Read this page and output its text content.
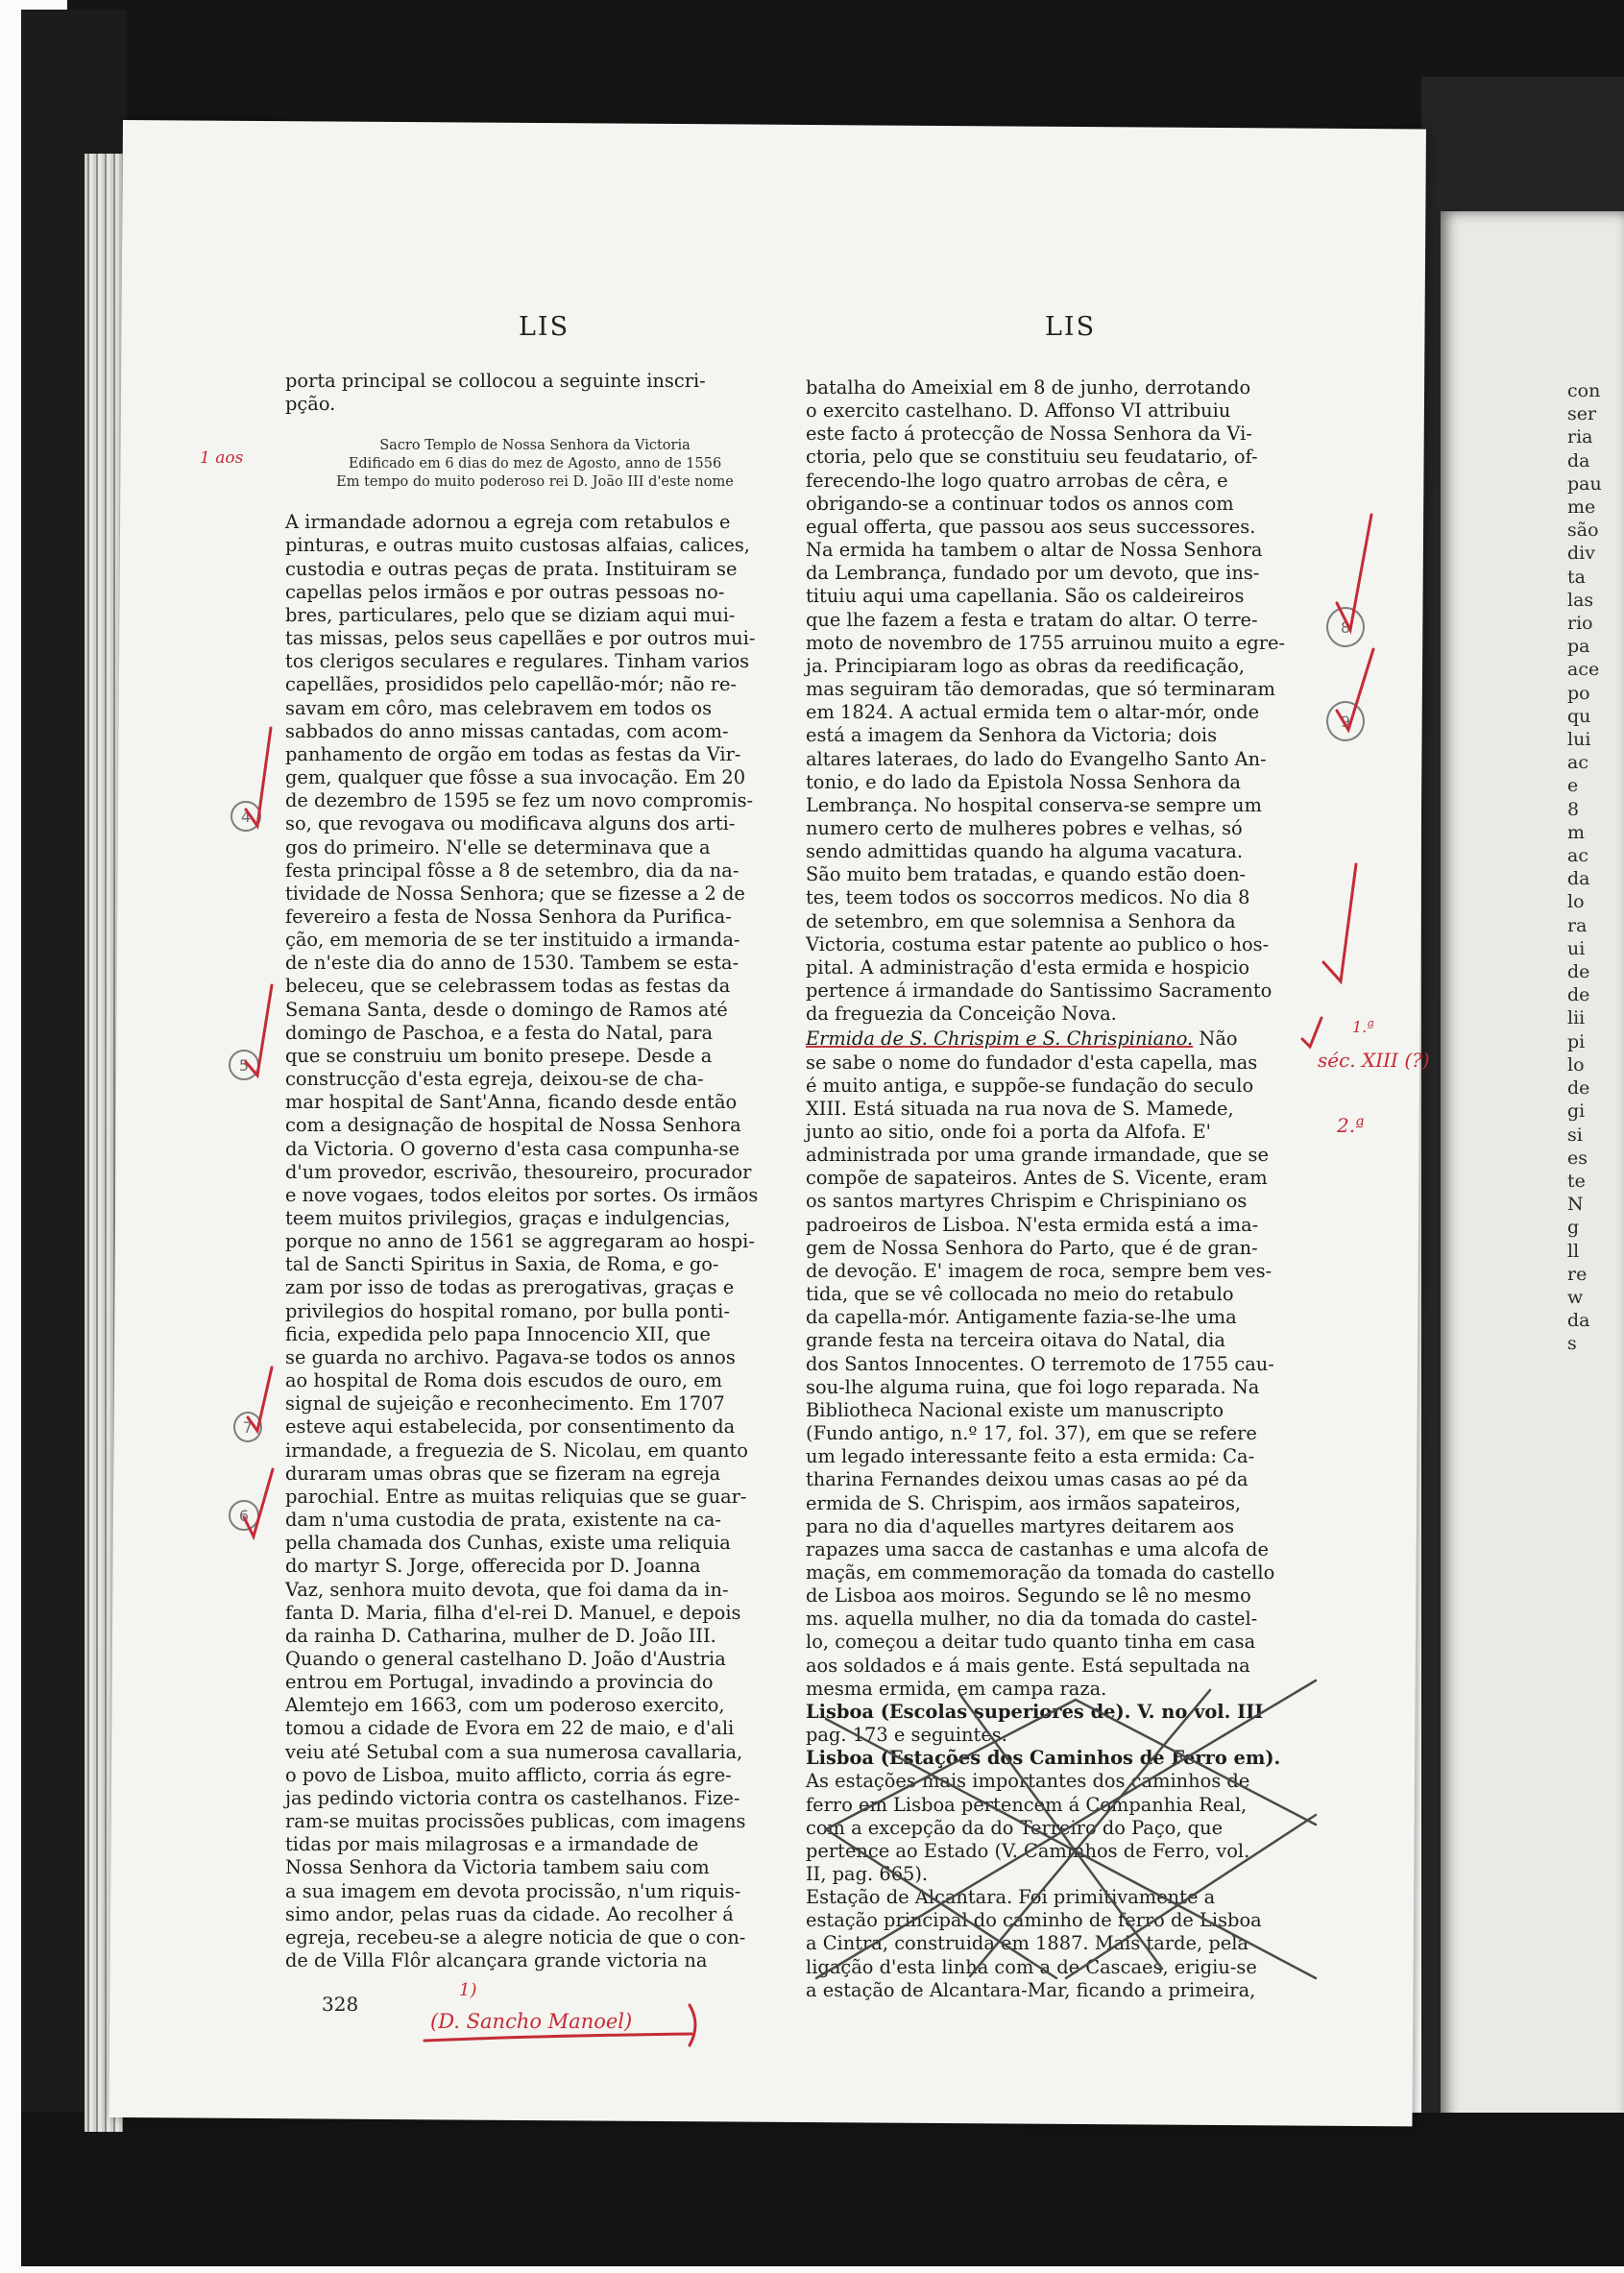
con
ser
ria
da
pau
me
são
div
ta
las
rio
pa
ace
po
qu
lui
ac
e
8
m
ac
da
lo
ra
ui
de
de
lii
pi
lo
de
gi
si
es
te
N
g
ll
re
w
da
s
LIS	LIS
porta principal se collocou a seguinte inscri-
pção.

Sacro Templo de Nossa Senhora da Victoria
Edificado em 6 dias do mez de Agosto, anno de 1556
Em tempo do muito poderoso rei D. João III d'este nome

A irmandade adornou a egreja com retabulos e
pinturas, e outras muito custosas alfaias, calices,
custodia e outras peças de prata. Instituiram se
capellas pelos irmãos e por outras pessoas no-
bres, particulares, pelo que se diziam aqui mui-
tas missas, pelos seus capellães e por outros mui-
tos clerigos seculares e regulares. Tinham varios
capellães, prosididos pelo capellão-mór; não re-
savam em côro, mas celebravem em todos os
sabbados do anno missas cantadas, com acom-
panhamento de orgão em todas as festas da Vir-
gem, qualquer que fôsse a sua invocação. Em 20
de dezembro de 1595 se fez um novo compromis-
so, que revogava ou modificava alguns dos arti-
gos do primeiro. N'elle se determinava que a
festa principal fôsse a 8 de setembro, dia da na-
tividade de Nossa Senhora; que se fizesse a 2 de
fevereiro a festa de Nossa Senhora da Purifica-
ção, em memoria de se ter instituido a irmanda-
de n'este dia do anno de 1530. Tambem se esta-
beleceu, que se celebrassem todas as festas da
Semana Santa, desde o domingo de Ramos até
domingo de Paschoa, e a festa do Natal, para
que se construiu um bonito presepe. Desde a
construcção d'esta egreja, deixou-se de cha-
mar hospital de Sant'Anna, ficando desde então
com a designação de hospital de Nossa Senhora
da Victoria. O governo d'esta casa compunha-se
d'um provedor, escrivão, thesoureiro, procurador
e nove vogaes, todos eleitos por sortes. Os irmãos
teem muitos privilegios, graças e indulgencias,
porque no anno de 1561 se aggregaram ao hospi-
tal de Sancti Spiritus in Saxia, de Roma, e go-
zam por isso de todas as prerogativas, graças e
privilegios do hospital romano, por bulla ponti-
ficia, expedida pelo papa Innocencio XII, que
se guarda no archivo. Pagava-se todos os annos
ao hospital de Roma dois escudos de ouro, em
signal de sujeição e reconhecimento. Em 1707
esteve aqui estabelecida, por consentimento da
irmandade, a freguezia de S. Nicolau, em quanto
duraram umas obras que se fizeram na egreja
parochial. Entre as muitas reliquias que se guar-
dam n'uma custodia de prata, existente na ca-
pella chamada dos Cunhas, existe uma reliquia
do martyr S. Jorge, offerecida por D. Joanna
Vaz, senhora muito devota, que foi dama da in-
fanta D. Maria, filha d'el-rei D. Manuel, e depois
da rainha D. Catharina, mulher de D. João III.
Quando o general castelhano D. João d'Austria
entrou em Portugal, invadindo a provincia do
Alemtejo em 1663, com um poderoso exercito,
tomou a cidade de Evora em 22 de maio, e d'ali
veiu até Setubal com a sua numerosa cavallaria,
o povo de Lisboa, muito afflicto, corria ás egre-
jas pedindo victoria contra os castelhanos. Fize-
ram-se muitas procissões publicas, com imagens
tidas por mais milagrosas e a irmandade de
Nossa Senhora da Victoria tambem saiu com
a sua imagem em devota procissão, n'um riquis-
simo andor, pelas ruas da cidade. Ao recolher á
egreja, recebeu-se a alegre noticia de que o con-
de de Villa Flôr alcançara grande victoria na
batalha do Ameixial em 8 de junho, derrotando
o exercito castelhano. D. Affonso VI attribuiu
este facto á protecção de Nossa Senhora da Vi-
ctoria, pelo que se constituiu seu feudatario, of-
ferecendo-lhe logo quatro arrobas de cêra, e
obrigando-se a continuar todos os annos com
egual offerta, que passou aos seus successores.
Na ermida ha tambem o altar de Nossa Senhora
da Lembrança, fundado por um devoto, que ins-
tituiu aqui uma capellania. São os caldeireiros
que lhe fazem a festa e tratam do altar. O terre-
moto de novembro de 1755 arruinou muito a egre-
ja. Principiaram logo as obras da reedificação,
mas seguiram tão demoradas, que só terminaram
em 1824. A actual ermida tem o altar-mór, onde
está a imagem da Senhora da Victoria; dois
altares lateraes, do lado do Evangelho Santo An-
tonio, e do lado da Epistola Nossa Senhora da
Lembrança. No hospital conserva-se sempre um
numero certo de mulheres pobres e velhas, só
sendo admittidas quando ha alguma vacatura.
São muito bem tratadas, e quando estão doen-
tes, teem todos os soccorros medicos. No dia 8
de setembro, em que solemnisa a Senhora da
Victoria, costuma estar patente ao publico o hos-
pital. A administração d'esta ermida e hospicio
pertence á irmandade do Santissimo Sacramento
da freguezia da Conceição Nova.
Ermida de S. Chrispim e S. Chrispiniano. Não
se sabe o nome do fundador d'esta capella, mas
é muito antiga, e suppõe-se fundação do seculo
XIII. Está situada na rua nova de S. Mamede,
junto ao sitio, onde foi a porta da Alfofa. E'
administrada por uma grande irmandade, que se
compõe de sapateiros. Antes de S. Vicente, eram
os santos martyres Chrispim e Chrispiniano os
padroeiros de Lisboa. N'esta ermida está a ima-
gem de Nossa Senhora do Parto, que é de gran-
de devoção. E' imagem de roca, sempre bem ves-
tida, que se vê collocada no meio do retabulo
da capella-mór. Antigamente fazia-se-lhe uma
grande festa na terceira oitava do Natal, dia
dos Santos Innocentes. O terremoto de 1755 cau-
sou-lhe alguma ruina, que foi logo reparada. Na
Bibliotheca Nacional existe um manuscripto
(Fundo antigo, n.º 17, fol. 37), em que se refere
um legado interessante feito a esta ermida: Ca-
tharina Fernandes deixou umas casas ao pé da
ermida de S. Chrispim, aos irmãos sapateiros,
para no dia d'aquelles martyres deitarem aos
rapazes uma sacca de castanhas e uma alcofa de
maçãs, em commemoração da tomada do castello
de Lisboa aos moiros. Segundo se lê no mesmo
ms. aquella mulher, no dia da tomada do castel-
lo, começou a deitar tudo quanto tinha em casa
aos soldados e á mais gente. Está sepultada na
mesma ermida, em campa raza.
Lisboa (Escolas superiores de). V. no vol. III
pag. 173 e seguintes.
Lisboa (Estações dos Caminhos de Ferro em).
As estações mais importantes dos caminhos de
ferro em Lisboa pertencem á Companhia Real,
com a excepção da do Terreiro do Paço, que
pertence ao Estado (V. Caminhos de Ferro, vol.
II, pag. 665).
Estação de Alcantara. Foi primitivamente a
estação principal do caminho de ferro de Lisboa
a Cintra, construida em 1887. Mais tarde, pela
ligação d'esta linha com a de Cascaes, erigiu-se
a estação de Alcantara-Mar, ficando a primeira,
328
1 aos
1.ª
séc. XIII (?)
2.ª
1)
(D. Sancho Manoel)
4
5
7
6
8
9
